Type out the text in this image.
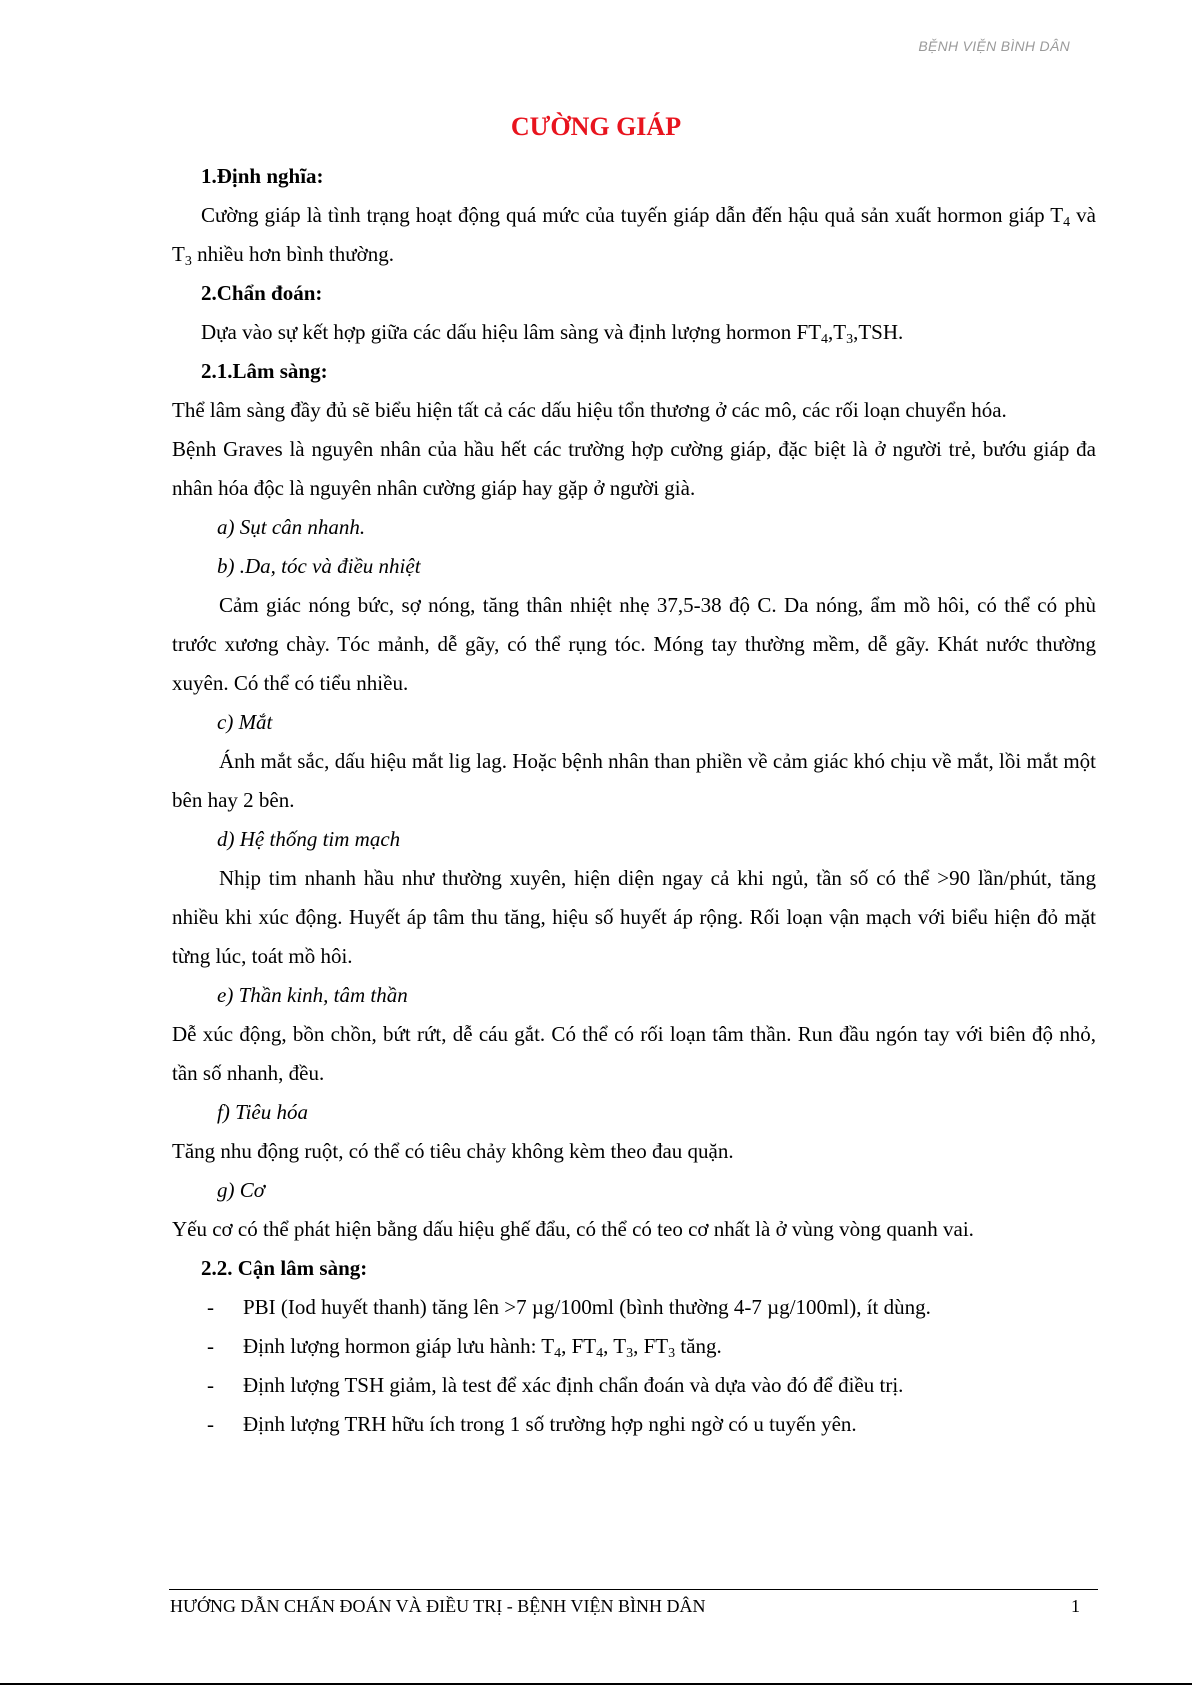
BỆNH VIỆN BÌNH DÂN
CƯỜNG GIÁP

1.Định nghĩa:

Cường giáp là tình trạng hoạt động quá mức của tuyến giáp dẫn đến hậu quả sản xuất hormon giáp $T_4$ và $T_3$ nhiều hơn bình thường.

2.Chẩn đoán:

Dựa vào sự kết hợp giữa các dấu hiệu lâm sàng và định lượng hormon $FT_4,T_3,TSH$.

2.1.Lâm sàng:

Thể lâm sàng đầy đủ sẽ biểu hiện tất cả các dấu hiệu tổn thương ở các mô, các rối loạn chuyển hóa.

Bệnh Graves là nguyên nhân của hầu hết các trường hợp cường giáp, đặc biệt là ở người trẻ, bướu giáp đa nhân hóa độc là nguyên nhân cường giáp hay gặp ở người già.

a) Sụt cân nhanh.

b) .Da, tóc và điều nhiệt

Cảm giác nóng bức, sợ nóng, tăng thân nhiệt nhẹ 37,5-38 độ C. Da nóng, ẩm mồ hôi, có thể có phù trước xương chày. Tóc mảnh, dễ gãy, có thể rụng tóc. Móng tay thường mềm, dễ gãy. Khát nước thường xuyên. Có thể có tiểu nhiều.

c) Mắt

Ánh mắt sắc, dấu hiệu mắt lig lag. Hoặc bệnh nhân than phiền về cảm giác khó chịu về mắt, lồi mắt một bên hay 2 bên.

d) Hệ thống tim mạch

Nhịp tim nhanh hầu như thường xuyên, hiện diện ngay cả khi ngủ, tần số có thể >90 lần/phút, tăng nhiều khi xúc động. Huyết áp tâm thu tăng, hiệu số huyết áp rộng. Rối loạn vận mạch với biểu hiện đỏ mặt từng lúc, toát mồ hôi.

e) Thần kinh, tâm thần

Dễ xúc động, bồn chồn, bứt rứt, dễ cáu gắt. Có thể có rối loạn tâm thần. Run đầu ngón tay với biên độ nhỏ, tần số nhanh, đều.

f) Tiêu hóa

Tăng nhu động ruột, có thể có tiêu chảy không kèm theo đau quặn.

g) Cơ

Yếu cơ có thể phát hiện bằng dấu hiệu ghế đẩu, có thể có teo cơ nhất là ở vùng vòng quanh vai.

2.2. Cận lâm sàng:

- PBI (Iod huyết thanh) tăng lên >7 µg/100ml (bình thường 4-7 µg/100ml), ít dùng.
- Định lượng hormon giáp lưu hành: $T_4$, $FT_4$, $T_3$, $FT_3$ tăng.
- Định lượng TSH giảm, là test để xác định chẩn đoán và dựa vào đó để điều trị.
- Định lượng TRH hữu ích trong 1 số trường hợp nghi ngờ có u tuyến yên.
HƯỚNG DẪN CHẨN ĐOÁN VÀ ĐIỀU TRỊ - BỆNH VIỆN BÌNH DÂN	1
